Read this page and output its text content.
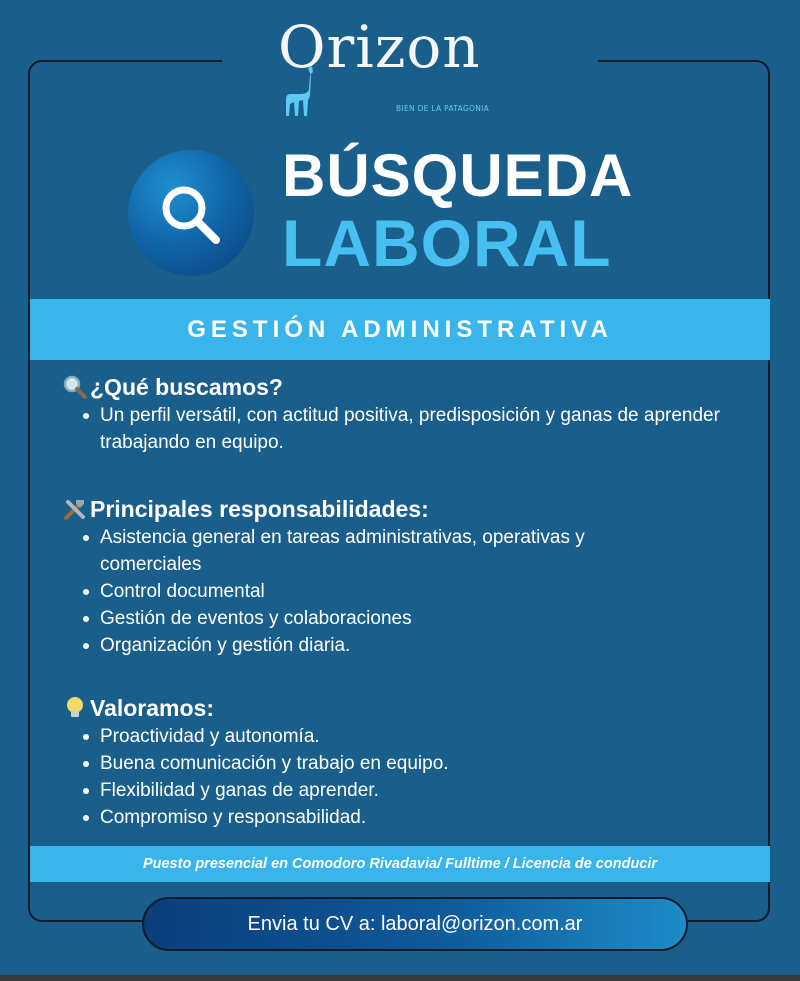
Orizon
BIEN DE LA PATAGONIA
BÚSQUEDA
LABORAL
GESTIÓN ADMINISTRATIVA
¿Qué buscamos?
Un perfil versátil, con actitud positiva, predisposición y ganas de aprender trabajando en equipo.
Principales responsabilidades:
Asistencia general en tareas administrativas, operativas y comerciales
Control documental
Gestión de eventos y colaboraciones
Organización y gestión diaria.
Valoramos:
Proactividad y autonomía.
Buena comunicación y trabajo en equipo.
Flexibilidad y ganas de aprender.
Compromiso y responsabilidad.
Puesto presencial en Comodoro Rivadavia/ Fulltime / Licencia de conducir
Envia tu CV a: laboral@orizon.com.ar
